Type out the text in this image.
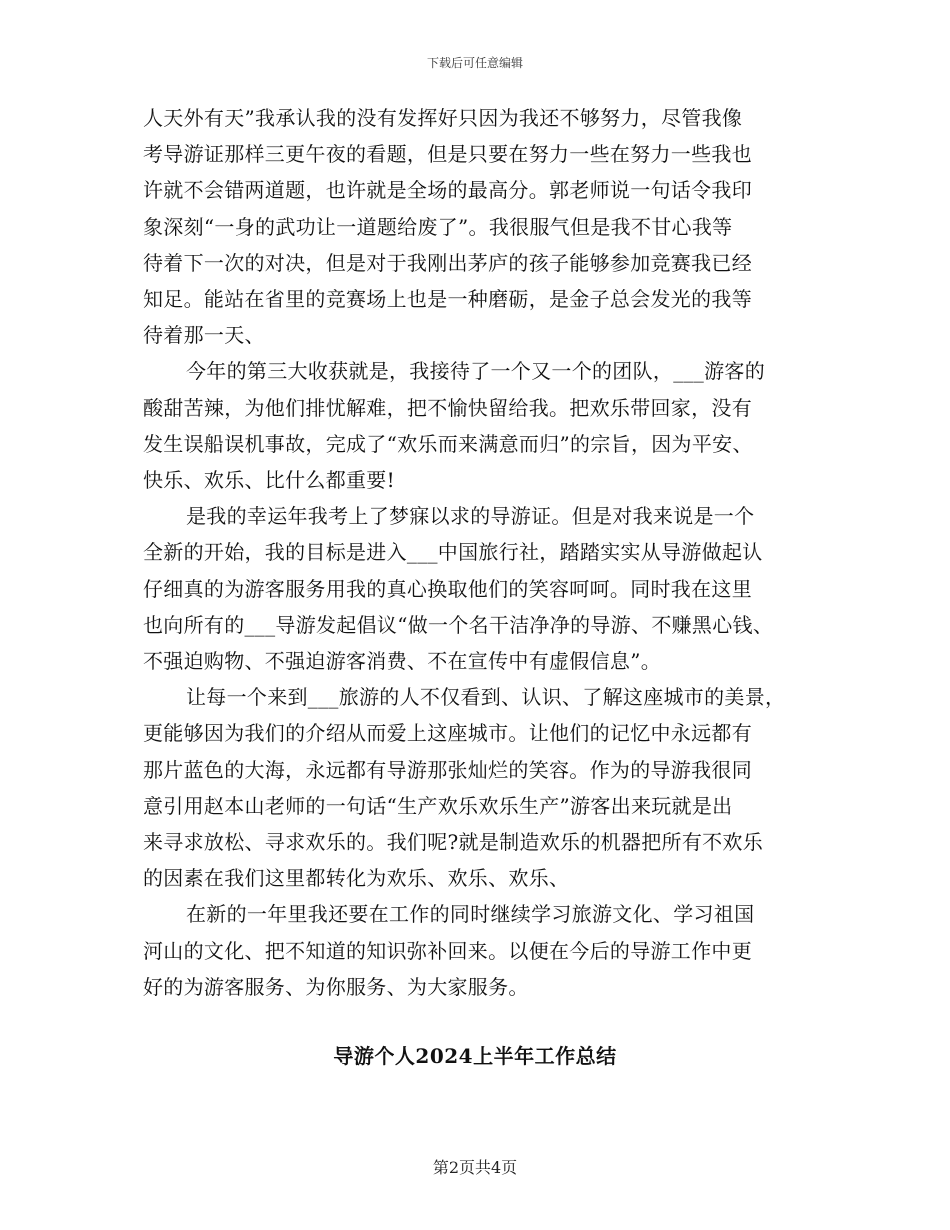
下载后可任意编辑

人天外有天”我承认我的没有发挥好只因为我还不够努力，尽管我像
考导游证那样三更午夜的看题，但是只要在努力一些在努力一些我也
许就不会错两道题，也许就是全场的最高分。郭老师说一句话令我印
象深刻“一身的武功让一道题给废了”。我很服气但是我不甘心我等
待着下一次的对决，但是对于我刚出茅庐的孩子能够参加竞赛我已经
知足。能站在省里的竞赛场上也是一种磨砺，是金子总会发光的我等
待着那一天、

今年的第三大收获就是，我接待了一个又一个的团队，___游客的
酸甜苦辣，为他们排忧解难，把不愉快留给我。把欢乐带回家，没有
发生误船误机事故，完成了“欢乐而来满意而归”的宗旨，因为平安、
快乐、欢乐、比什么都重要!

是我的幸运年我考上了梦寐以求的导游证。但是对我来说是一个
全新的开始，我的目标是进入___中国旅行社，踏踏实实从导游做起认
仔细真的为游客服务用我的真心换取他们的笑容呵呵。同时我在这里
也向所有的___导游发起倡议“做一个名干洁净净的导游、不赚黑心钱、
不强迫购物、不强迫游客消费、不在宣传中有虚假信息”。

让每一个来到___旅游的人不仅看到、认识、了解这座城市的美景，
更能够因为我们的介绍从而爱上这座城市。让他们的记忆中永远都有
那片蓝色的大海，永远都有导游那张灿烂的笑容。作为的导游我很同
意引用赵本山老师的一句话“生产欢乐欢乐生产”游客出来玩就是出
来寻求放松、寻求欢乐的。我们呢?就是制造欢乐的机器把所有不欢乐
的因素在我们这里都转化为欢乐、欢乐、欢乐、

在新的一年里我还要在工作的同时继续学习旅游文化、学习祖国
河山的文化、把不知道的知识弥补回来。以便在今后的导游工作中更
好的为游客服务、为你服务、为大家服务。

导游个人2024上半年工作总结
第2页共4页
